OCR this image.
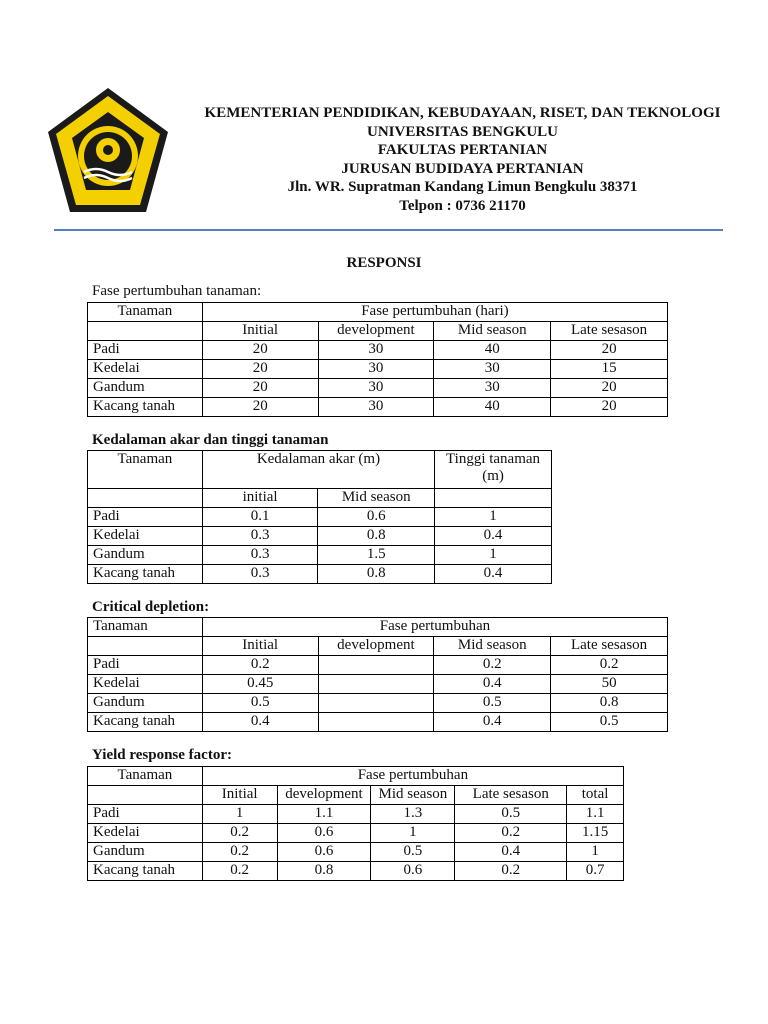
KEMENTERIAN PENDIDIKAN, KEBUDAYAAN, RISET, DAN TEKNOLOGI
UNIVERSITAS BENGKULU
FAKULTAS PERTANIAN
JURUSAN BUDIDAYA PERTANIAN
Jln. WR. Supratman Kandang Limun Bengkulu 38371
Telpon : 0736 21170
RESPONSI
Fase pertumbuhan tanaman:
Tanaman	Fase pertumbuhan (hari)			
	Initial	development	Mid season	Late sesason
Padi	20	30	40	20
Kedelai	20	30	30	15
Gandum	20	30	30	20
Kacang tanah	20	30	40	20
Kedalaman akar dan tinggi tanaman
Tanaman	Kedalaman akar (m)		Tinggi tanaman
(m)
	initial	Mid season	
Padi	0.1	0.6	1
Kedelai	0.3	0.8	0.4
Gandum	0.3	1.5	1
Kacang tanah	0.3	0.8	0.4
Critical depletion:
Tanaman	Fase pertumbuhan			
	Initial	development	Mid season	Late sesason
Padi	0.2		0.2	0.2
Kedelai	0.45		0.4	50
Gandum	0.5		0.5	0.8
Kacang tanah	0.4		0.4	0.5
Yield response factor:
Tanaman	Fase pertumbuhan				
	Initial	development	Mid season	Late sesason	total
Padi	1	1.1	1.3	0.5	1.1
Kedelai	0.2	0.6	1	0.2	1.15
Gandum	0.2	0.6	0.5	0.4	1
Kacang tanah	0.2	0.8	0.6	0.2	0.7
